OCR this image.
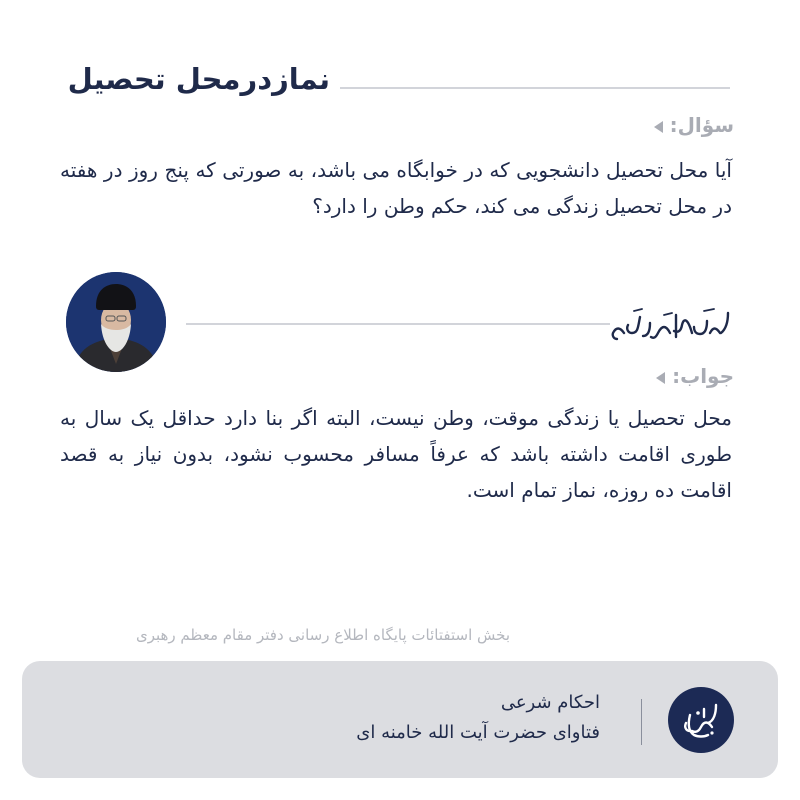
نمازدرمحل تحصیل
سؤال:
آیا محل تحصیل دانشجویی که در خوابگاه می باشد، به صورتی که پنج روز در هفته در محل تحصیل زندگی می کند، حکم وطن را دارد؟
جواب:
محل تحصیل یا زندگی موقت، وطن نیست، البته اگر بنا دارد حداقل یک سال به طوری اقامت داشته باشد که عرفاً مسافر محسوب نشود، بدون نیاز به قصد اقامت ده روزه، نماز تمام است.
بخش استفتائات پایگاه اطلاع رسانی دفتر مقام معظم رهبری
احکام شرعی
فتاوای حضرت آیت الله خامنه ای
